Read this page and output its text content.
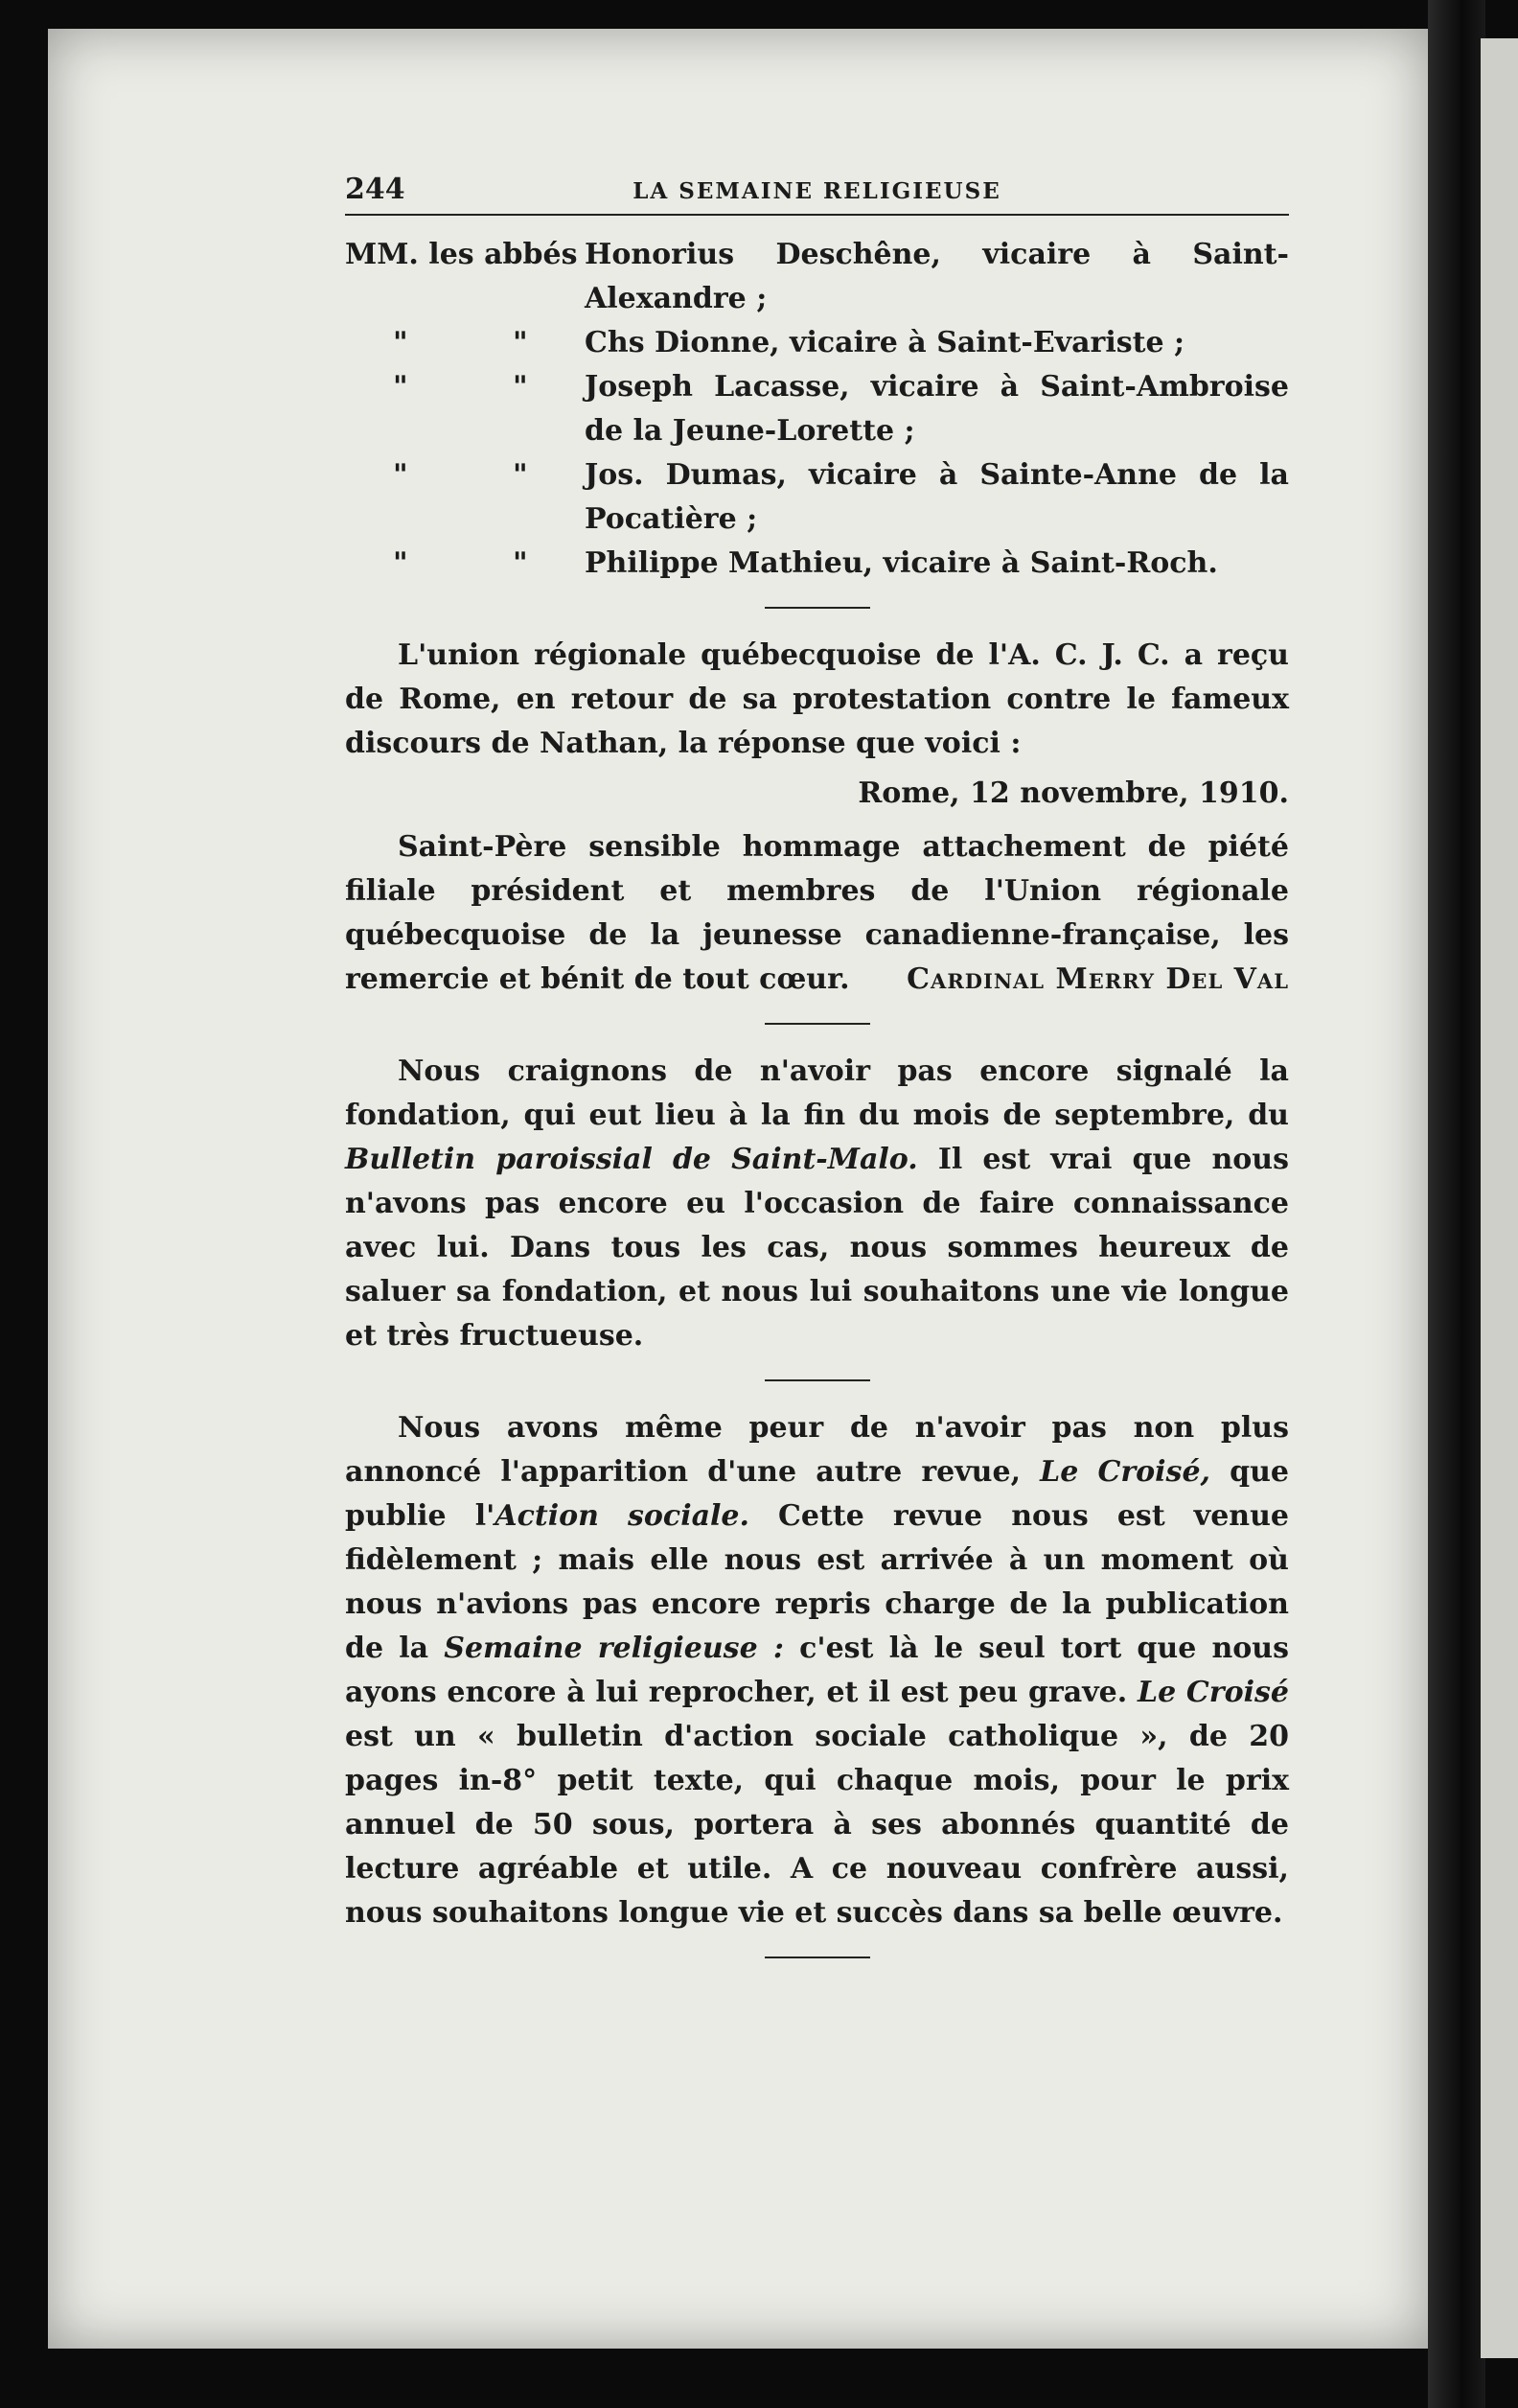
244	LA SEMAINE RELIGIEUSE
MM. les abbés Honorius Deschêne, vicaire à Saint-Alexandre ;
"	"	Chs Dionne, vicaire à Saint-Evariste ;
"	"	Joseph Lacasse, vicaire à Saint-Ambroise de la Jeune-Lorette ;
"	"	Jos. Dumas, vicaire à Sainte-Anne de la Pocatière ;
"	"	Philippe Mathieu, vicaire à Saint-Roch.

L'union régionale québecquoise de l'A. C. J. C. a reçu de Rome, en retour de sa protestation contre le fameux discours de Nathan, la réponse que voici :

Rome, 12 novembre, 1910.

Saint-Père sensible hommage attachement de piété filiale président et membres de l'Union régionale québecquoise de la jeunesse canadienne-française, les remercie et bénit de tout cœur.	Cardinal Merry Del Val

Nous craignons de n'avoir pas encore signalé la fondation, qui eut lieu à la fin du mois de septembre, du Bulletin paroissial de Saint-Malo. Il est vrai que nous n'avons pas encore eu l'occasion de faire connaissance avec lui. Dans tous les cas, nous sommes heureux de saluer sa fondation, et nous lui souhaitons une vie longue et très fructueuse.

Nous avons même peur de n'avoir pas non plus annoncé l'apparition d'une autre revue, Le Croisé, que publie l'Action sociale. Cette revue nous est venue fidèlement ; mais elle nous est arrivée à un moment où nous n'avions pas encore repris charge de la publication de la Semaine religieuse : c'est là le seul tort que nous ayons encore à lui reprocher, et il est peu grave. Le Croisé est un « bulletin d'action sociale catholique », de 20 pages in-8° petit texte, qui chaque mois, pour le prix annuel de 50 sous, portera à ses abonnés quantité de lecture agréable et utile. A ce nouveau confrère aussi, nous souhaitons longue vie et succès dans sa belle œuvre.
